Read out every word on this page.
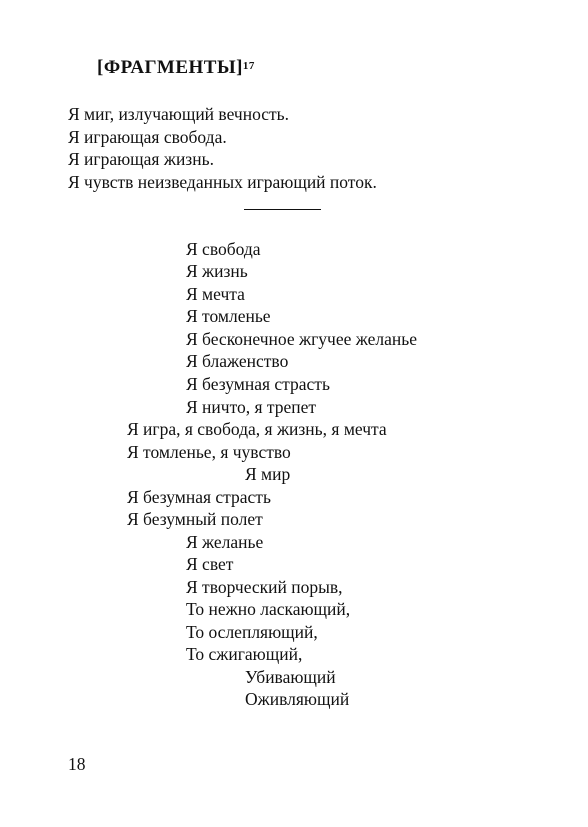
[ФРАГМЕНТЫ]$^{17}$
Я миг, излучающий вечность.
Я играющая свобода.
Я играющая жизнь.
Я чувств неизведанных играющий поток.
Я свобода
Я жизнь
Я мечта
Я томленье
Я бесконечное жгучее желанье
Я блаженство
Я безумная страсть
Я ничто, я трепет
Я игра, я свобода, я жизнь, я мечта
Я томленье, я чувство
Я мир
Я безумная страсть
Я безумный полет
Я желанье
Я свет
Я творческий порыв,
То нежно ласкающий,
То ослепляющий,
То сжигающий,
Убивающий
Оживляющий
18
